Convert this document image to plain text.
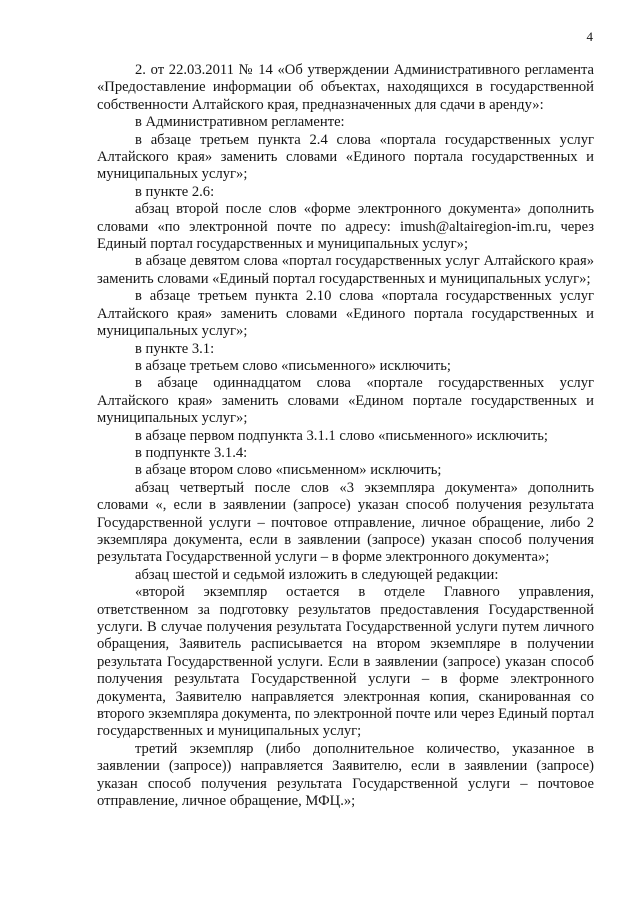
4

2. от 22.03.2011 № 14 «Об утверждении Административного регламента «Предоставление информации об объектах, находящихся в государственной собственности Алтайского края, предназначенных для сдачи в аренду»:

в Административном регламенте:

в абзаце третьем пункта 2.4 слова «портала государственных услуг Алтайского края» заменить словами «Единого портала государственных и муниципальных услуг»;

в пункте 2.6:

абзац второй после слов «форме электронного документа» дополнить словами «по электронной почте по адресу: imush@altairegion-im.ru, через Единый портал государственных и муниципальных услуг»;

в абзаце девятом слова «портал государственных услуг Алтайского края» заменить словами «Единый портал государственных и муниципальных услуг»;

в абзаце третьем пункта 2.10 слова «портала государственных услуг Алтайского края» заменить словами «Единого портала государственных и муниципальных услуг»;

в пункте 3.1:

в абзаце третьем слово «письменного» исключить;

в абзаце одиннадцатом слова «портале государственных услуг Алтайского края» заменить словами «Едином портале государственных и муниципальных услуг»;

в абзаце первом подпункта 3.1.1 слово «письменного» исключить;

в подпункте 3.1.4:

в абзаце втором слово «письменном» исключить;

абзац четвертый после слов «3 экземпляра документа» дополнить словами «, если в заявлении (запросе) указан способ получения результата Государственной услуги – почтовое отправление, личное обращение, либо 2 экземпляра документа, если в заявлении (запросе) указан способ получения результата Государственной услуги – в форме электронного документа»;

абзац шестой и седьмой изложить в следующей редакции:

«второй экземпляр остается в отделе Главного управления, ответственном за подготовку результатов предоставления Государственной услуги. В случае получения результата Государственной услуги путем личного обращения, Заявитель расписывается на втором экземпляре в получении результата Государственной услуги. Если в заявлении (запросе) указан способ получения результата Государственной услуги – в форме электронного документа, Заявителю направляется электронная копия, сканированная со второго экземпляра документа, по электронной почте или через Единый портал государственных и муниципальных услуг;

третий экземпляр (либо дополнительное количество, указанное в заявлении (запросе)) направляется Заявителю, если в заявлении (запросе) указан способ получения результата Государственной услуги – почтовое отправление, личное обращение, МФЦ.»;
